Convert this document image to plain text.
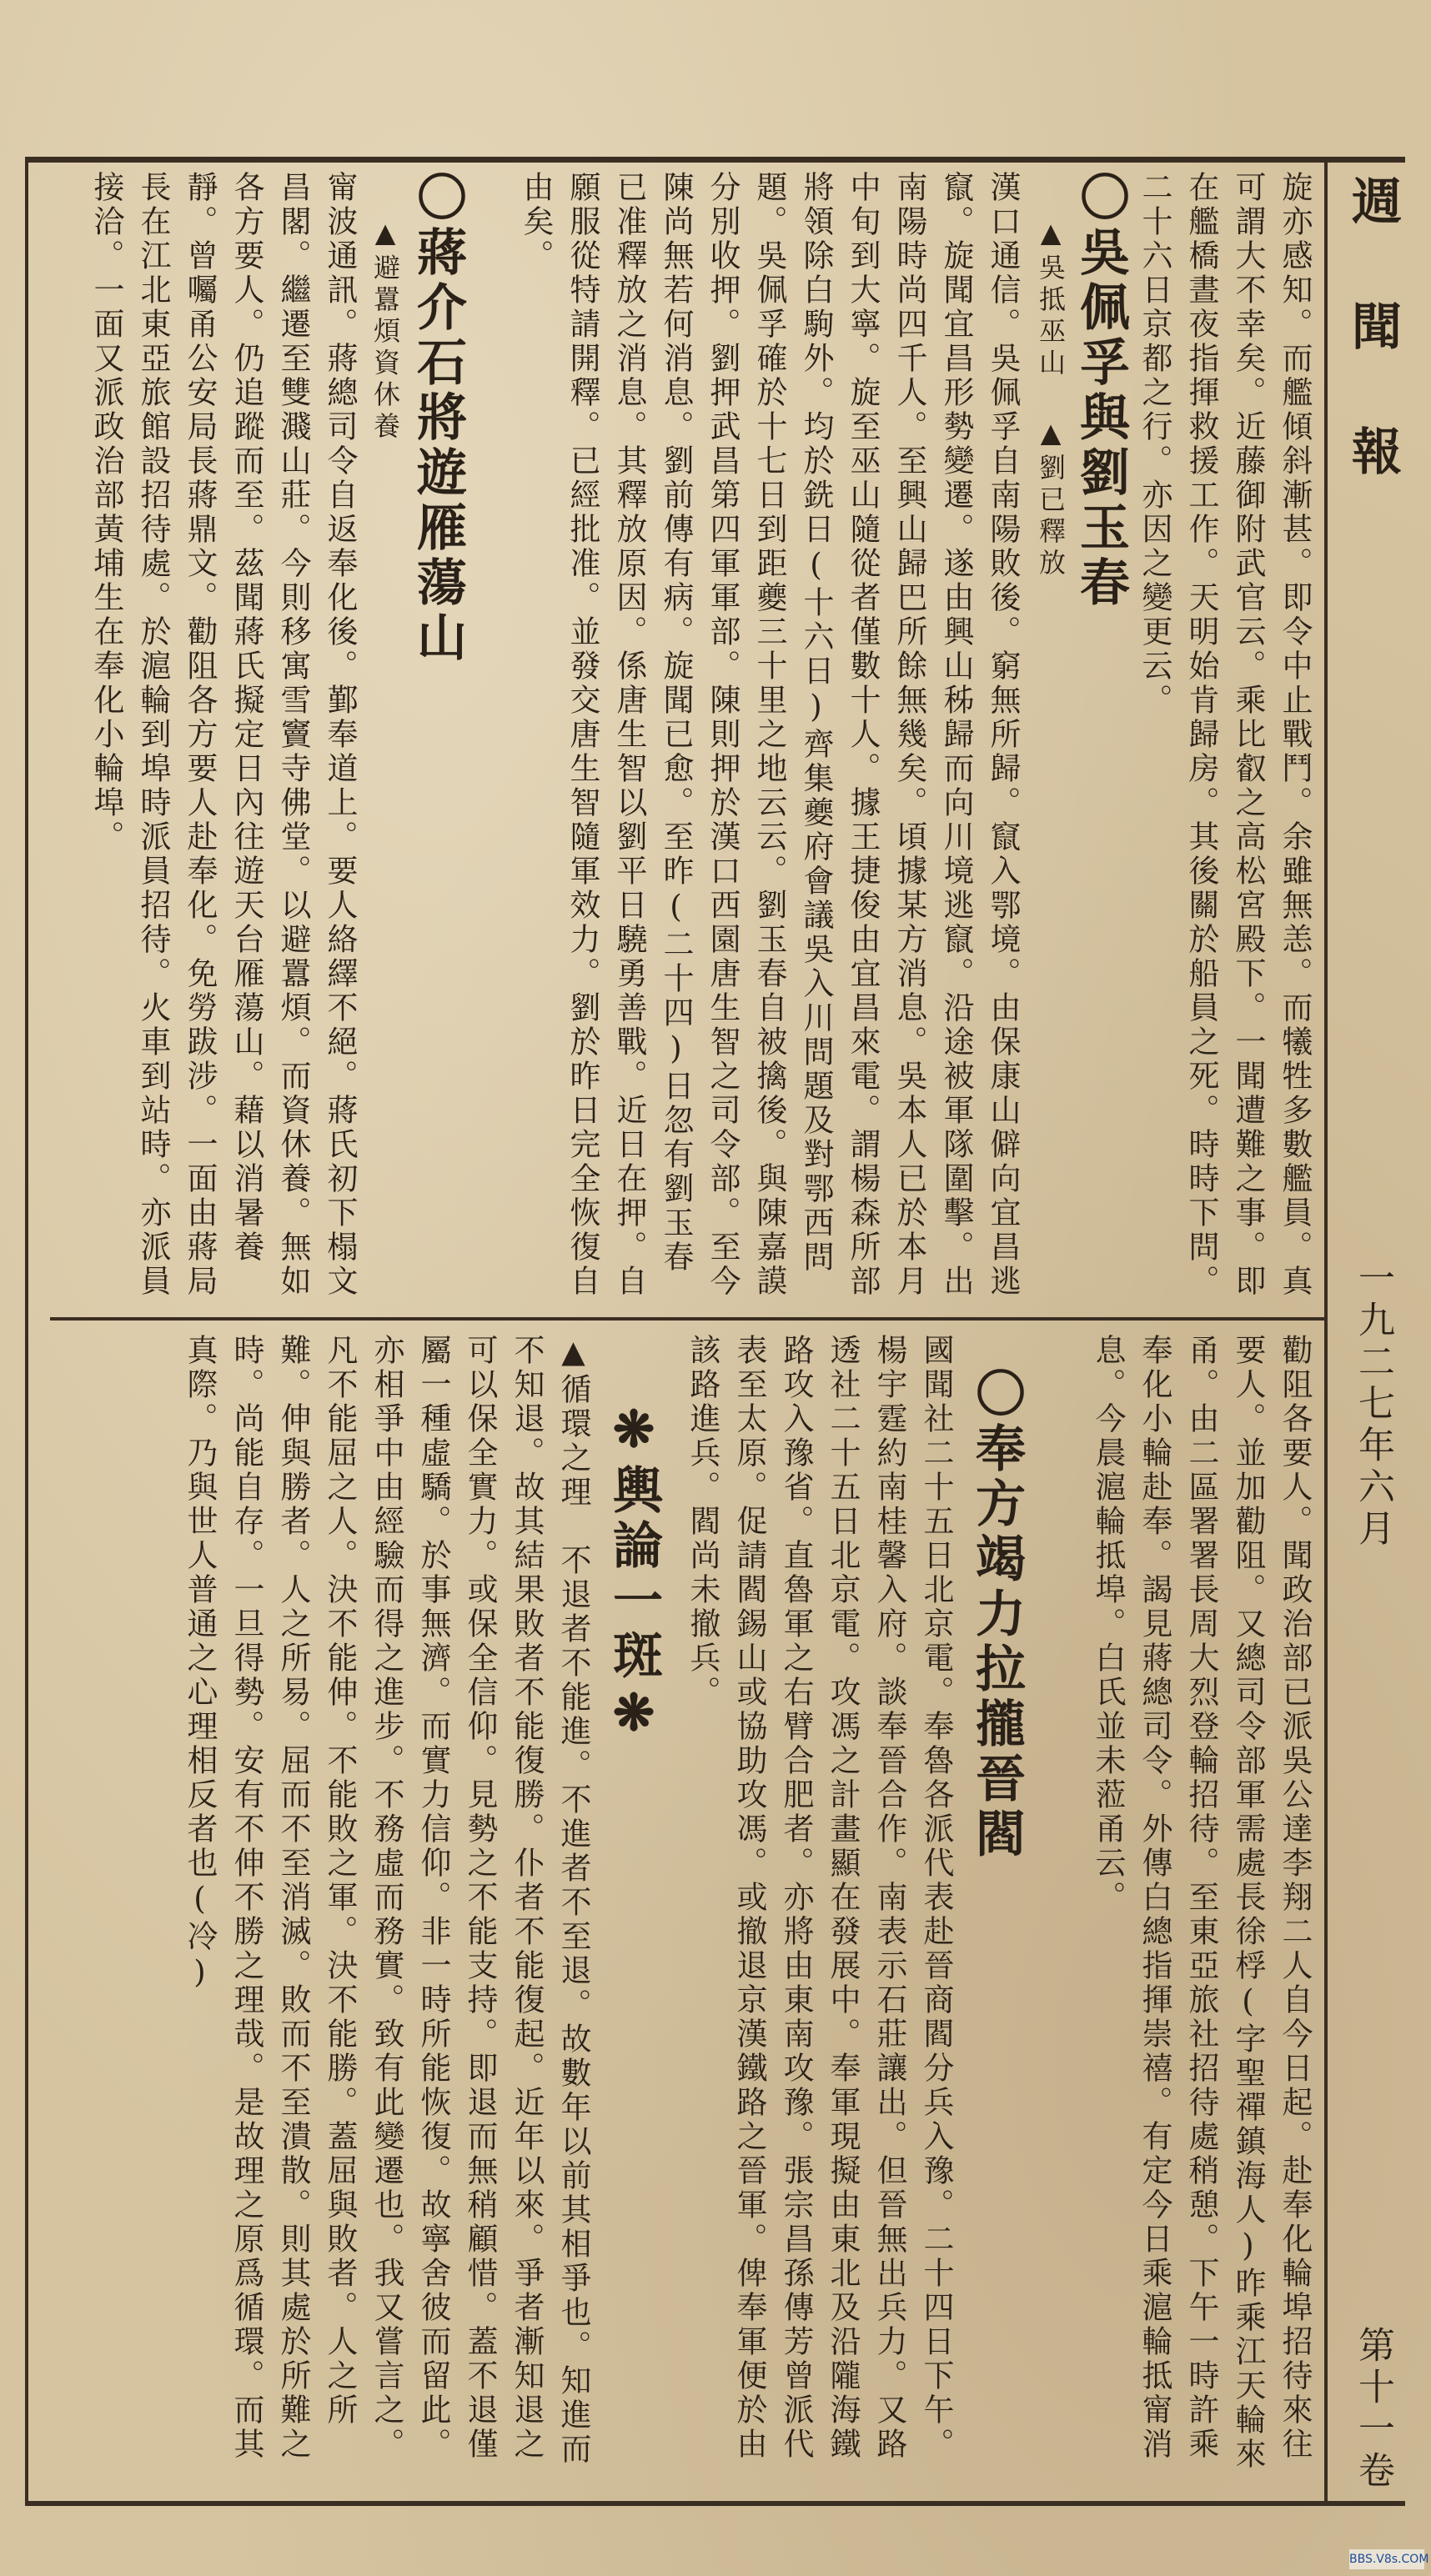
週 聞 報
一九二七年六月
第十一卷
旋亦感知。而艦傾斜漸甚。即令中止戰鬥。余雖無恙。而犧牲多數艦員。真可謂大不幸矣。近藤御附武官云。乘比叡之高松宮殿下。一聞遭難之事。即在艦橋晝夜指揮救援工作。天明始肯歸房。其後關於船員之死。時時下問。二十六日京都之行。亦因之變更云。
〇吳佩孚與劉玉春
▲吳抵巫山 ▲劉已釋放
漢口通信。吳佩孚自南陽敗後。窮無所歸。竄入鄂境。由保康山僻向宜昌逃竄。旋聞宜昌形勢變遷。遂由興山秭歸而向川境逃竄。沿途被軍隊圍擊。出南陽時尚四千人。至興山歸巴所餘無幾矣。頃據某方消息。吳本人已於本月中旬到大寧。旋至巫山隨從者僅數十人。據王捷俊由宜昌來電。謂楊森所部將領除白駒外。均於銑日(十六日)齊集夔府會議吳入川問題及對鄂西問題。吳佩孚確於十七日到距夔三十里之地云云。劉玉春自被擒後。與陳嘉謨分別收押。劉押武昌第四軍軍部。陳則押於漢口西園唐生智之司令部。至今陳尚無若何消息。劉前傳有病。旋聞已愈。至昨(二十四)日忽有劉玉春已准釋放之消息。其釋放原因。係唐生智以劉平日驍勇善戰。近日在押。自願服從特請開釋。已經批准。並發交唐生智隨軍效力。劉於昨日完全恢復自由矣。
〇蔣介石將遊雁蕩山
▲避囂煩資休養
甯波通訊。蔣總司令自返奉化後。鄞奉道上。要人絡繹不絕。蔣氏初下榻文昌閣。繼遷至雙濺山莊。今則移寓雪竇寺佛堂。以避囂煩。而資休養。無如各方要人。仍追蹤而至。茲聞蔣氏擬定日內往遊天台雁蕩山。藉以消暑養靜。曾囑甬公安局長蔣鼎文。勸阻各方要人赴奉化。免勞跋涉。一面由蔣局長在江北東亞旅館設招待處。於滬輪到埠時派員招待。火車到站時。亦派員接洽。一面又派政治部黃埔生在奉化小輪埠。
勸阻各要人。聞政治部已派吳公達李翔二人自今日起。赴奉化輪埠招待來往要人。並加勸阻。又總司令部軍需處長徐桴(字聖禪鎮海人)昨乘江天輪來甬。由二區署署長周大烈登輪招待。至東亞旅社招待處稍憩。下午一時許乘奉化小輪赴奉。謁見蔣總司令。外傳白總指揮崇禧。有定今日乘滬輪抵甯消息。今晨滬輪抵埠。白氏並未蒞甬云。
〇奉方竭力拉攏晉閻
國聞社二十五日北京電。奉魯各派代表赴晉商閻分兵入豫。二十四日下午。楊宇霆約南桂馨入府。談奉晉合作。南表示石莊讓出。但晉無出兵力。又路透社二十五日北京電。攻馮之計畫顯在發展中。奉軍現擬由東北及沿隴海鐵路攻入豫省。直魯軍之右臂合肥者。亦將由東南攻豫。張宗昌孫傳芳曾派代表至太原。促請閻錫山或協助攻馮。或撤退京漢鐵路之晉軍。俾奉軍便於由該路進兵。閻尚未撤兵。
❋輿論一斑❋
▲循環之理　不退者不能進。不進者不至退。故數年以前其相爭也。知進而不知退。故其結果敗者不能復勝。仆者不能復起。近年以來。爭者漸知退之可以保全實力。或保全信仰。見勢之不能支持。即退而無稍顧惜。蓋不退僅屬一種虛驕。於事無濟。而實力信仰。非一時所能恢復。故寧舍彼而留此。亦相爭中由經驗而得之進步。不務虛而務實。致有此變遷也。我又嘗言之。凡不能屈之人。決不能伸。不能敗之軍。決不能勝。蓋屈與敗者。人之所難。伸與勝者。人之所易。屈而不至消滅。敗而不至潰散。則其處於所難之時。尚能自存。一旦得勢。安有不伸不勝之理哉。是故理之原爲循環。而其真際。乃與世人普通之心理相反者也(冷)
BBS.V8s.COM
